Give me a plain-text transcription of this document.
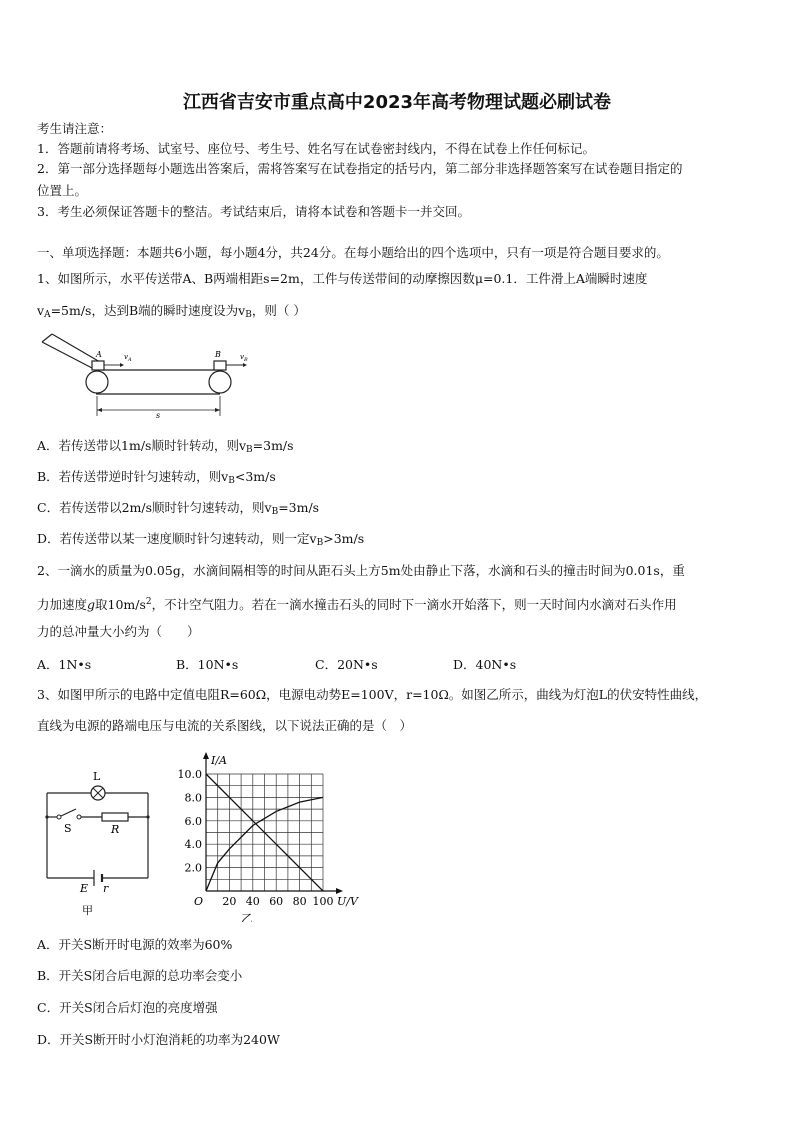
江西省吉安市重点高中2023年高考物理试题必刷试卷
考生请注意：
1．答题前请将考场、试室号、座位号、考生号、姓名写在试卷密封线内，不得在试卷上作任何标记。
2．第一部分选择题每小题选出答案后，需将答案写在试卷指定的括号内，第二部分非选择题答案写在试卷题目指定的
位置上。
3．考生必须保证答题卡的整洁。考试结束后，请将本试卷和答题卡一并交回。
一、单项选择题：本题共6小题，每小题4分，共24分。在每小题给出的四个选项中，只有一项是符合题目要求的。
1、如图所示，水平传送带A、B两端相距s=2m，工件与传送带间的动摩擦因数μ=0.1．工件滑上A端瞬时速度
$v_A=5m/s$，达到B端的瞬时速度设为$v_B$，则（ ）
A	B
$v_A$	$v_B$
s
A．若传送带以1m/s顺时针转动，则$v_B=3m/s$
B．若传送带逆时针匀速转动，则$v_B<3m/s$
C．若传送带以2m/s顺时针匀速转动，则$v_B=3m/s$
D．若传送带以某一速度顺时针匀速转动，则一定$v_B>3m/s$
2、一滴水的质量为0.05g，水滴间隔相等的时间从距石头上方5m处由静止下落，水滴和石头的撞击时间为0.01s，重
力加速度g取$10m/s^2$，不计空气阻力。若在一滴水撞击石头的同时下一滴水开始落下，则一天时间内水滴对石头作用
力的总冲量大小约为（　　）
A．1N•s	B．10N•s	C．20N•s	D．40N•s
3、如图甲所示的电路中定值电阻R=60Ω，电源电动势E=100V，r=10Ω。如图乙所示，曲线为灯泡L的伏安特性曲线，
直线为电源的路端电压与电流的关系图线，以下说法正确的是（　）
L
S	R
E r
甲
20 40 60 80 100
2.0
4.0
6.0
8.0
10.0
O	U/V
I/A
乙
A．开关S断开时电源的效率为60%
B．开关S闭合后电源的总功率会变小
C．开关S闭合后灯泡的亮度增强
D．开关S断开时小灯泡消耗的功率为240W
